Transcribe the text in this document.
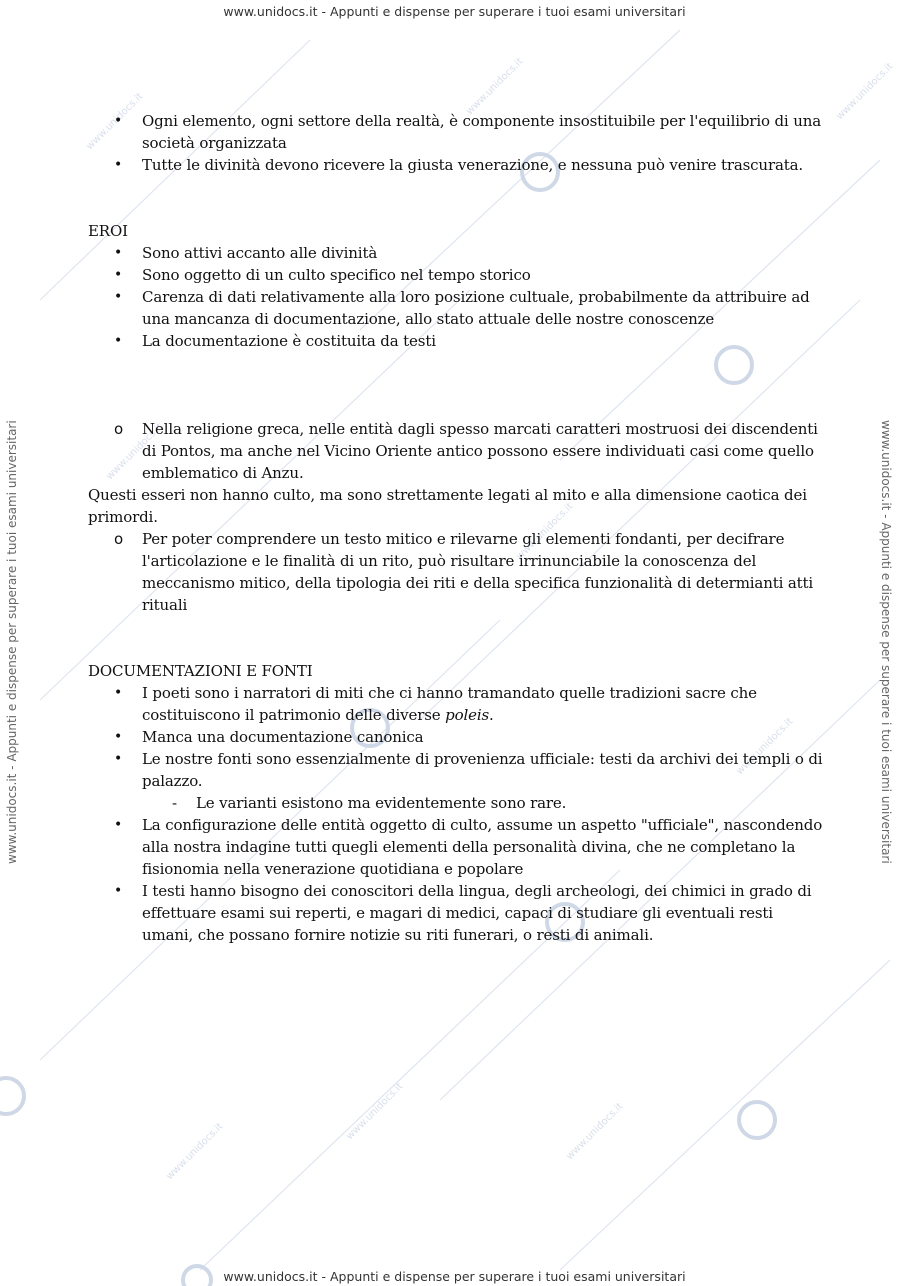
www.unidocs.it
www.unidocs.it	www.unidocs.it
www.unidocs.it
www.unidocs.it
www.unidocs.it
www.unidocs.it
www.unidocs.it	www.unidocs.it
www.unidocs.it - Appunti e dispense per superare i tuoi esami universitari
www.unidocs.it - Appunti e dispense per superare i tuoi esami universitari	www.unidocs.it - Appunti e dispense per superare i tuoi esami universitari
• Ogni elemento, ogni settore della realtà, è componente insostituibile per l'equilibrio di una società organizzata
• Tutte le divinità devono ricevere la giusta venerazione, e nessuna può venire trascurata.
EROI
• Sono attivi accanto alle divinità
• Sono oggetto di un culto specifico nel tempo storico
• Carenza di dati relativamente alla loro posizione cultuale, probabilmente da attribuire ad una mancanza di documentazione, allo stato attuale delle nostre conoscenze
• La documentazione è costituita da testi
o Nella religione greca, nelle entità dagli spesso marcati caratteri mostruosi dei discendenti di Pontos, ma anche nel Vicino Oriente antico possono essere individuati casi come quello emblematico di Anzu.

Questi esseri non hanno culto, ma sono strettamente legati al mito e alla dimensione caotica dei primordi.

o Per poter comprendere un testo mitico e rilevarne gli elementi fondanti, per decifrare l'articolazione e le finalità di un rito, può risultare irrinunciabile la conoscenza del meccanismo mitico, della tipologia dei riti e della specifica funzionalità di determianti atti rituali
DOCUMENTAZIONI E FONTI
• I poeti sono i narratori di miti che ci hanno tramandato quelle tradizioni sacre che costituiscono il patrimonio delle diverse poleis.
• Manca una documentazione canonica
• Le nostre fonti sono essenzialmente di provenienza ufficiale: testi da archivi dei templi o di palazzo.
- Le varianti esistono ma evidentemente sono rare.
• La configurazione delle entità oggetto di culto, assume un aspetto "ufficiale", nascondendo alla nostra indagine tutti quegli elementi della personalità divina, che ne completano la fisionomia nella venerazione quotidiana e popolare
• I testi hanno bisogno dei conoscitori della lingua, degli archeologi, dei chimici in grado di effettuare esami sui reperti, e magari di medici, capaci di studiare gli eventuali resti umani, che possano fornire notizie su riti funerari, o resti di animali.
www.unidocs.it - Appunti e dispense per superare i tuoi esami universitari
